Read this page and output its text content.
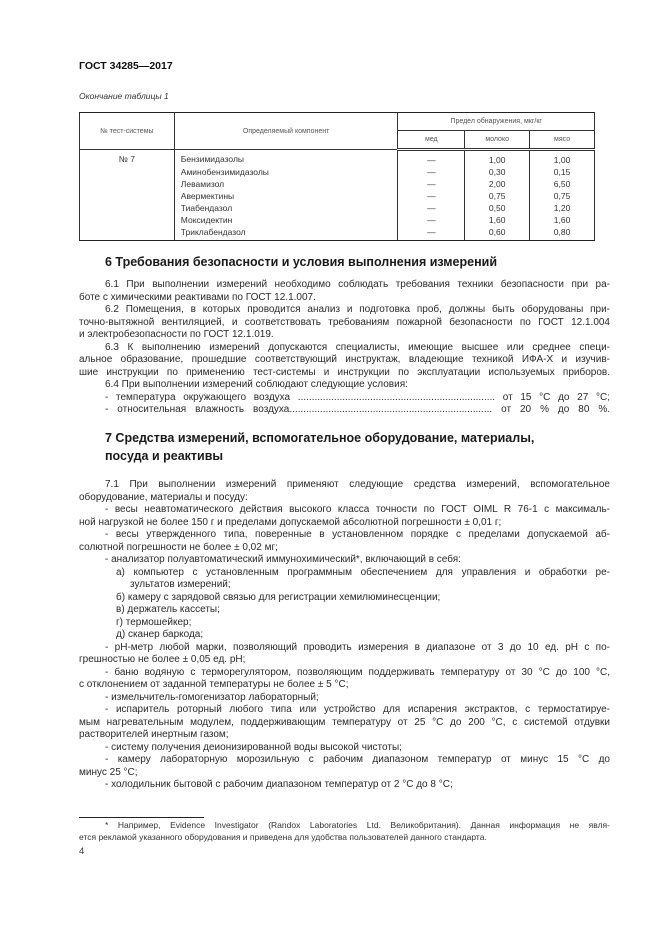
ГОСТ 34285—2017
Окончание таблицы 1
№ тест-системы	Определяемый компонент	Предел обнаружения, мкг/кг		
		мед	молоко	мясо
№ 7	Бензимидазолы	—	1,00	1,00
	Аминобензимидазолы	—	0,30	0,15
	Левамизол	—	2,00	6,50
	Авермектины	—	0,75	0,75
	Тиабендазол	—	0,50	1,20
	Моксидектин	—	1,60	1,60
	Триклабендазол	—	0,60	0,80
6 Требования безопасности и условия выполнения измерений
6.1 При выполнении измерений необходимо соблюдать требования техники безопасности при ра-
боте с химическими реактивами по ГОСТ 12.1.007.
6.2 Помещения, в которых проводится анализ и подготовка проб, должны быть оборудованы при-
точно-вытяжной вентиляцией, и соответствовать требованиям пожарной безопасности по ГОСТ 12.1.004
и электробезопасности по ГОСТ 12.1.019.
6.3 К выполнению измерений допускаются специалисты, имеющие высшее или среднее специ-
альное образование, прошедшие соответствующий инструктаж, владеющие техникой ИФА-Х и изучив-
шие инструкции по применению тест-системы и инструкции по эксплуатации используемых приборов.
6.4 При выполнении измерений соблюдают следующие условия:
- температура окружающего воздуха ....................................................................... от 15 °С до 27 °С;
- относительная влажность воздуха......................................................................... от 20 % до 80 %.
7 Средства измерений, вспомогательное оборудование, материалы,
посуда и реактивы
7.1 При выполнении измерений применяют следующие средства измерений, вспомогательное
оборудование, материалы и посуду:
- весы неавтоматического действия высокого класса точности по ГОСТ OIML R 76-1 с максималь-
ной нагрузкой не более 150 г и пределами допускаемой абсолютной погрешности ± 0,01 г;
- весы утвержденного типа, поверенные в установленном порядке с пределами допускаемой аб-
солютной погрешности не более ± 0,02 мг;
- анализатор полуавтоматический иммунохимический*, включающий в себя:
а) компьютер с установленным программным обеспечением для управления и обработки ре-
зультатов измерений;
б) камеру с зарядовой связью для регистрации хемилюминесценции;
в) держатель кассеты;
г) термошейкер;
д) сканер баркода;
- рН-метр любой марки, позволяющий проводить измерения в диапазоне от 3 до 10 ед. рН с по-
грешностью не более ± 0,05 ед. рН;
- баню водяную с терморегулятором, позволяющим поддерживать температуру от 30 °С до 100 °С,
с отклонением от заданной температуры не более ± 5 °С;
- измельчитель-гомогенизатор лабораторный;
- испаритель роторный любого типа или устройство для испарения экстрактов, с термостатируе-
мым нагревательным модулем, поддерживающим температуру от 25 °С до 200 °С, с системой отдувки
растворителей инертным газом;
- систему получения деионизированной воды высокой чистоты;
- камеру лабораторную морозильную с рабочим диапазоном температур от минус 15 °С до
минус 25 °С;
- холодильник бытовой с рабочим диапазоном температур от 2 °С до 8 °С;
* Например, Evidence Investigator (Randox Laboratories Ltd. Великобритания). Данная информация не явля-
ется рекламой указанного оборудования и приведена для удобства пользователей данного стандарта.
4
